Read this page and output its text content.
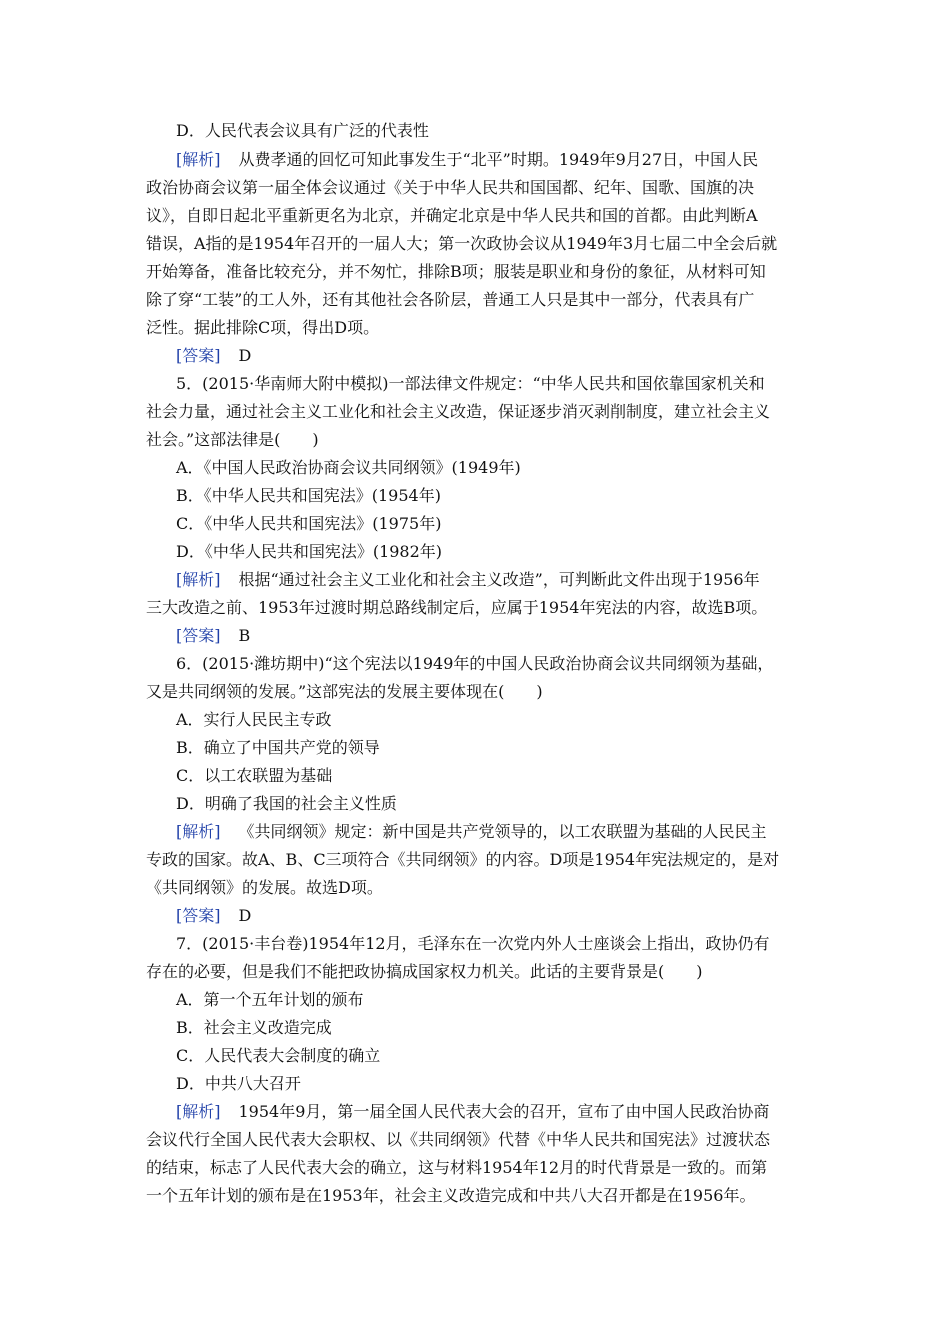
D．人民代表会议具有广泛的代表性
[解析] 从费孝通的回忆可知此事发生于“北平”时期。1949年9月27日，中国人民
政治协商会议第一届全体会议通过《关于中华人民共和国国都、纪年、国歌、国旗的决
议》，自即日起北平重新更名为北京，并确定北京是中华人民共和国的首都。由此判断A
错误，A指的是1954年召开的一届人大；第一次政协会议从1949年3月七届二中全会后就
开始筹备，准备比较充分，并不匆忙，排除B项；服装是职业和身份的象征，从材料可知
除了穿“工装”的工人外，还有其他社会各阶层，普通工人只是其中一部分，代表具有广
泛性。据此排除C项，得出D项。
[答案] D
5．(2015·华南师大附中模拟)一部法律文件规定：“中华人民共和国依靠国家机关和
社会力量，通过社会主义工业化和社会主义改造，保证逐步消灭剥削制度，建立社会主义
社会。”这部法律是(　　)
A．《中国人民政治协商会议共同纲领》(1949年)
B．《中华人民共和国宪法》(1954年)
C．《中华人民共和国宪法》(1975年)
D．《中华人民共和国宪法》(1982年)
[解析] 根据“通过社会主义工业化和社会主义改造”，可判断此文件出现于1956年
三大改造之前、1953年过渡时期总路线制定后，应属于1954年宪法的内容，故选B项。
[答案] B
6．(2015·潍坊期中)“这个宪法以1949年的中国人民政治协商会议共同纲领为基础，
又是共同纲领的发展。”这部宪法的发展主要体现在(　　)
A．实行人民民主专政
B．确立了中国共产党的领导
C．以工农联盟为基础
D．明确了我国的社会主义性质
[解析] 《共同纲领》规定：新中国是共产党领导的，以工农联盟为基础的人民民主
专政的国家。故A、B、C三项符合《共同纲领》的内容。D项是1954年宪法规定的，是对
《共同纲领》的发展。故选D项。
[答案] D
7．(2015·丰台卷)1954年12月，毛泽东在一次党内外人士座谈会上指出，政协仍有
存在的必要，但是我们不能把政协搞成国家权力机关。此话的主要背景是(　　)
A．第一个五年计划的颁布
B．社会主义改造完成
C．人民代表大会制度的确立
D．中共八大召开
[解析] 1954年9月，第一届全国人民代表大会的召开，宣布了由中国人民政治协商
会议代行全国人民代表大会职权、以《共同纲领》代替《中华人民共和国宪法》过渡状态
的结束，标志了人民代表大会的确立，这与材料1954年12月的时代背景是一致的。而第
一个五年计划的颁布是在1953年，社会主义改造完成和中共八大召开都是在1956年。
